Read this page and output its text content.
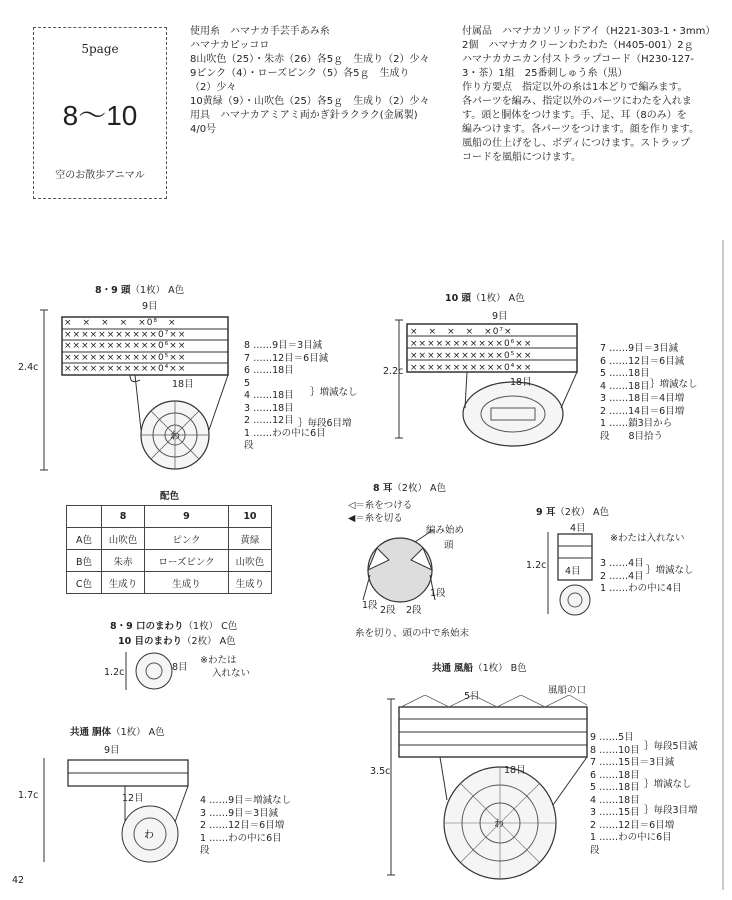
5page
8～10
空のお散歩アニマル

使用糸　ハマナカ手芸手あみ糸

ハマナカピッコロ

8山吹色（25）・朱赤（26）各5ｇ　生成り（2）少々

9ピンク（4）・ローズピンク（5）各5ｇ　生成り

（2）少々

10黄緑（9）・山吹色（25）各5ｇ　生成り（2）少々

用具　ハマナカアミアミ両かぎ針ラクラク(金属製)

4/0号

付属品　ハマナカソリッドアイ（H221-303-1・3mm）

2個　ハマナカクリーンわたわた（H405-001）2ｇ

ハマナカカニカン付ストラップコード（H230-127-

3・茶）1組　25番刺しゅう糸（黒）

作り方要点　指定以外の糸は1本どりで編みます。

各パーツを編み、指定以外のパーツにわたを入れま

す。頭と胴体をつけます。手、足、耳（8のみ）を

編みつけます。各パーツをつけます。顔を作ります。

風船の仕上げをし、ボディにつけます。ストラップ

コードを風船につけます。

8・9 頭（1枚） A色
9目
2.4c
わ
×　×　×　×　×0⁸　×
×××××××××××0⁷××
×××××××××××0⁶××
×××××××××××0⁵××
×××××××××××0⁴××
18目
8 ……9目＝3目減
7 ……12目＝6目減
6 ……18目
5
4 ……18目
3 ……18目
2 ……12目
1 ……わの中に6目
段
｝増減なし
｝毎段6目増
10 頭（1枚） A色
9目
2.2c
×　×　×　×　×0⁷×
×××××××××××0⁶××
×××××××××××0⁵××
×××××××××××0⁴××
18目
7 ……9目＝3目減
6 ……12目＝6目減
5 ……18目
4 ……18目
3 ……18目＝4目増
2 ……14目＝6目増
1 ……鎖3目から
段　　8目拾う
｝増減なし
配色
	8	9	10
A色	山吹色	ピンク	黄緑
B色	朱赤	ローズピンク	山吹色
C色	生成り	生成り	生成り
8 耳（2枚） A色
◁＝糸をつける
◀＝糸を切る
編み始め
頭
1段 2段 2段
1段
糸を切り、頭の中で糸始末
9 耳（2枚） A色
4目
※わたは入れない
1.2c
4目
3 ……4目
2 ……4目
1 ……わの中に4目
｝増減なし
8・9 口のまわり（1枚） C色
10 目のまわり（2枚） A色
1.2c	8目
※わたは
入れない
共通 胴体（1枚） A色
9目
1.7c
わ
12目	4 ……9目＝増減なし
3 ……9目＝3目減
2 ……12目＝6目増
1 ……わの中に6目
段
共通 風船（1枚） B色
5目
風船の口
3.5c
わ
18目
9 ……5目
8 ……10目
7 ……15目＝3目減
6 ……18目
5 ……18目
4 ……18目
3 ……15目
2 ……12目＝6目増
1 ……わの中に6目
段
｝毎段5目減
｝増減なし
｝毎段3目増
42
